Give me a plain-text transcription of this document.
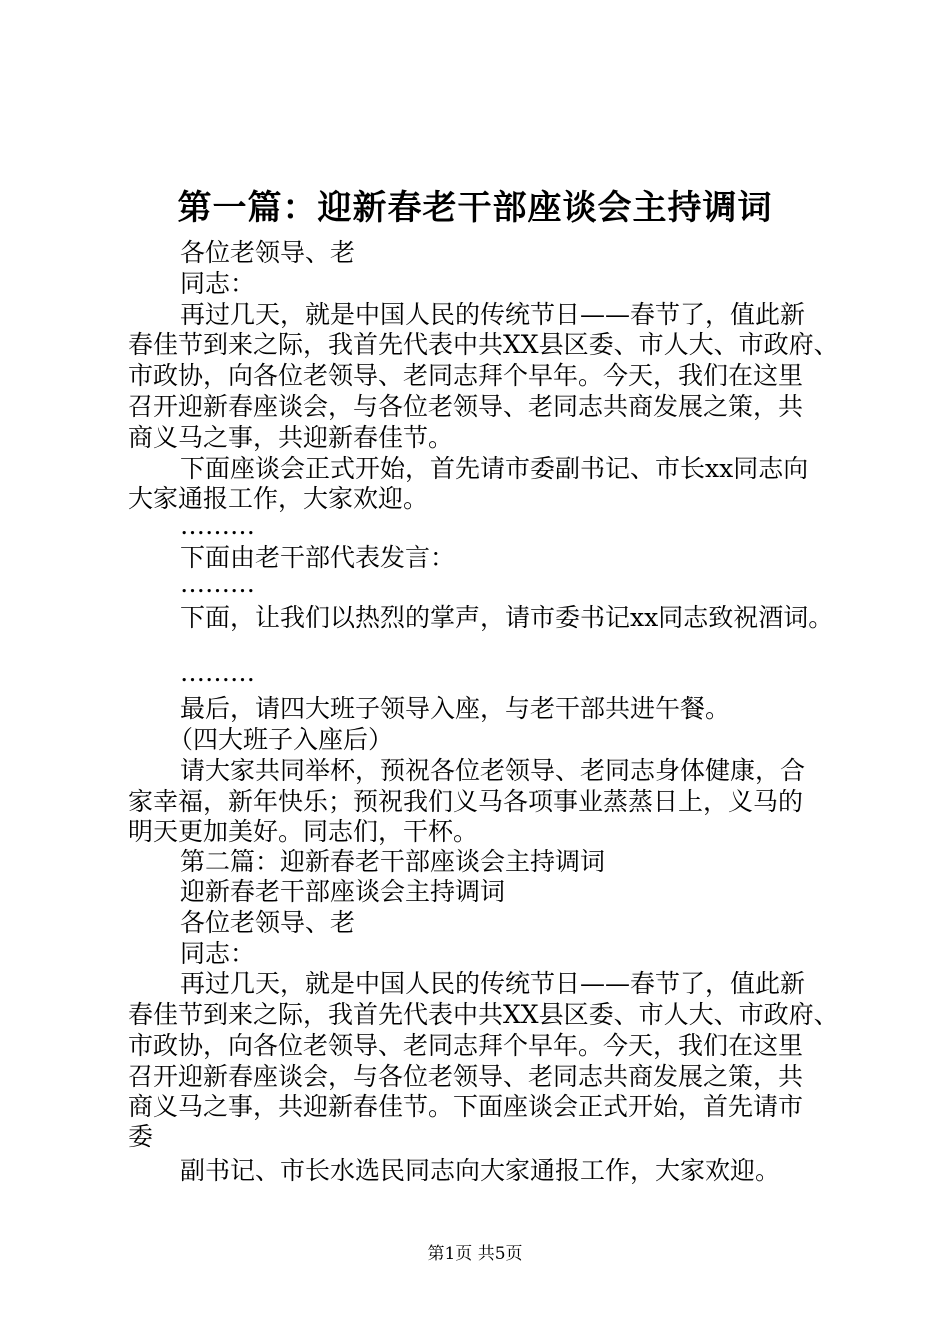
第一篇：迎新春老干部座谈会主持调词
各位老领导、老
同志：
再过几天，就是中国人民的传统节日——春节了，值此新
春佳节到来之际，我首先代表中共XX县区委、市人大、市政府、
市政协，向各位老领导、老同志拜个早年。今天，我们在这里
召开迎新春座谈会，与各位老领导、老同志共商发展之策，共
商义马之事，共迎新春佳节。
下面座谈会正式开始，首先请市委副书记、市长xx同志向
大家通报工作，大家欢迎。
………
下面由老干部代表发言：
………
下面，让我们以热烈的掌声，请市委书记xx同志致祝酒词。
………
最后，请四大班子领导入座，与老干部共进午餐。
（四大班子入座后）
请大家共同举杯，预祝各位老领导、老同志身体健康，合
家幸福，新年快乐；预祝我们义马各项事业蒸蒸日上，义马的
明天更加美好。同志们，干杯。
第二篇：迎新春老干部座谈会主持调词
迎新春老干部座谈会主持调词
各位老领导、老
同志：
再过几天，就是中国人民的传统节日——春节了，值此新
春佳节到来之际，我首先代表中共XX县区委、市人大、市政府、
市政协，向各位老领导、老同志拜个早年。今天，我们在这里
召开迎新春座谈会，与各位老领导、老同志共商发展之策，共
商义马之事，共迎新春佳节。下面座谈会正式开始，首先请市
委
副书记、市长水选民同志向大家通报工作，大家欢迎。
第1页 共5页
